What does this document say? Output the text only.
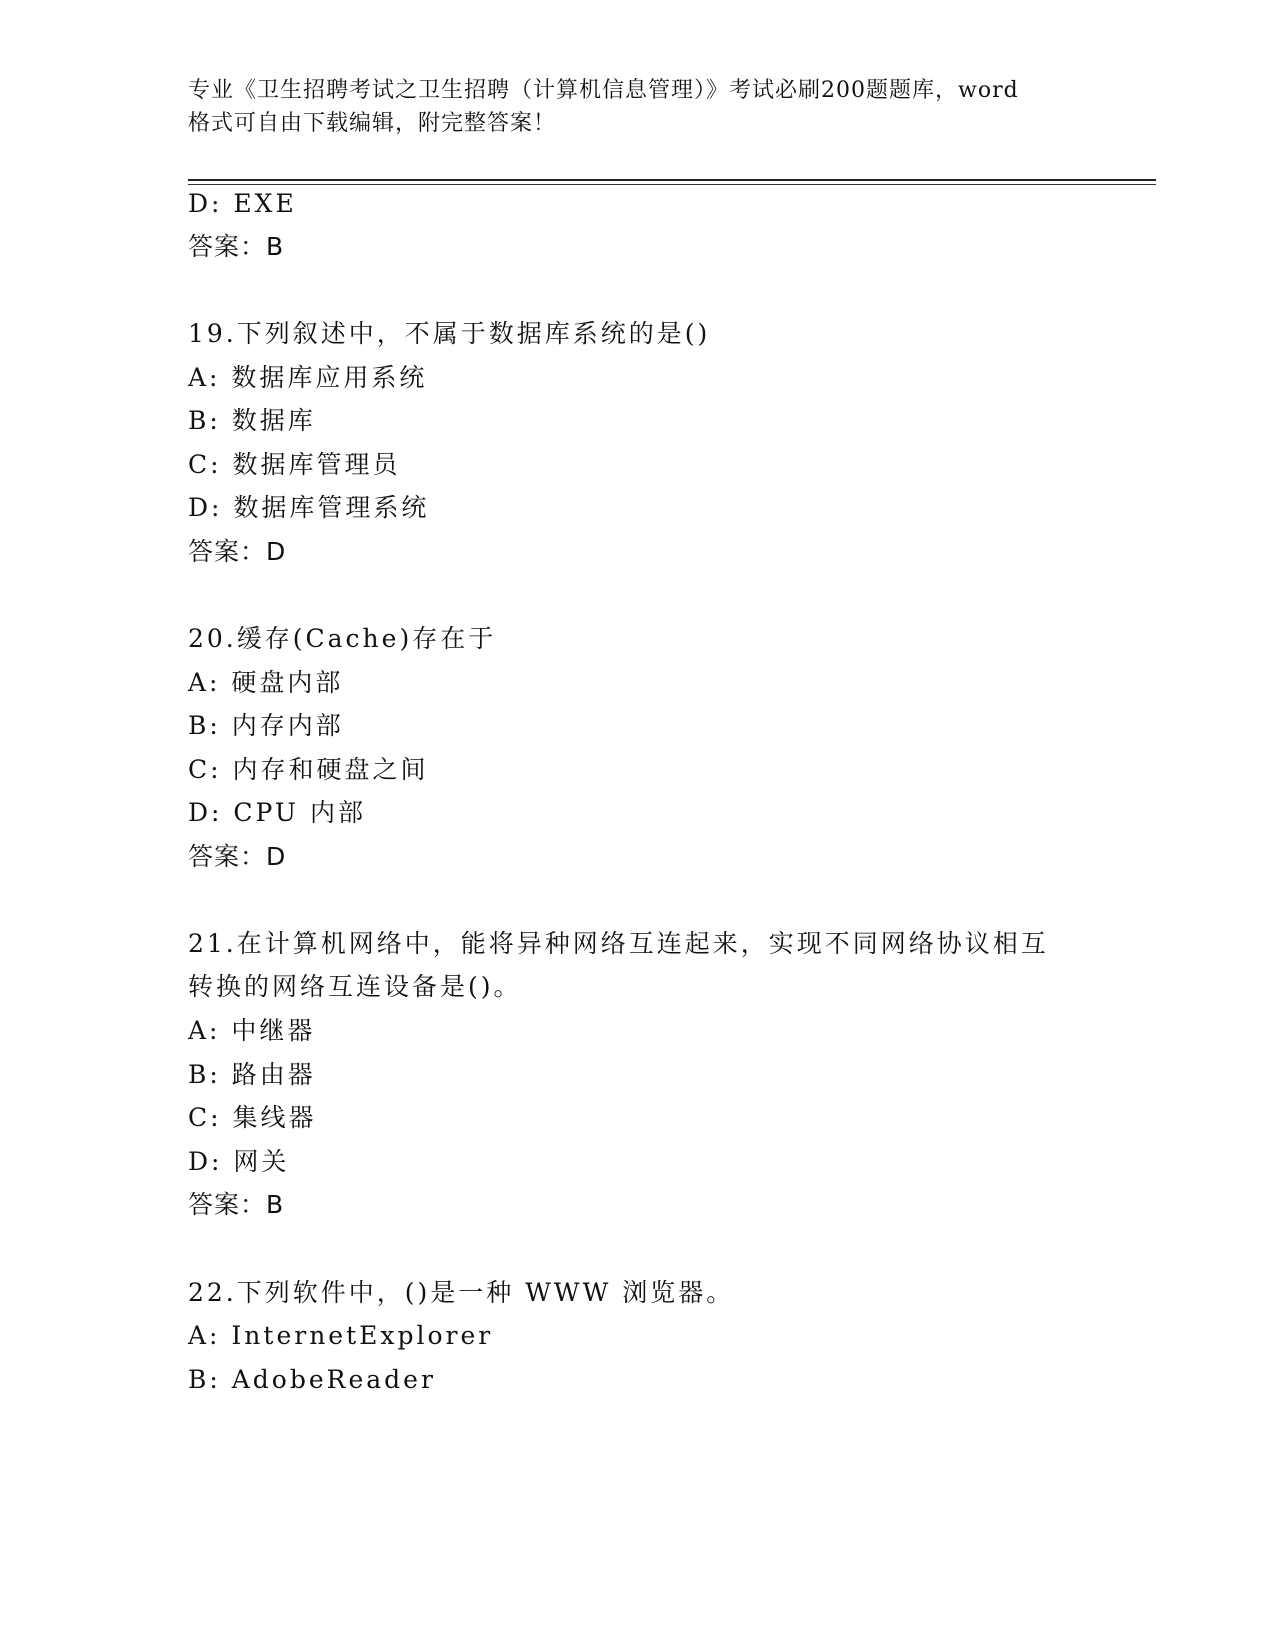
专业《卫生招聘考试之卫生招聘（计算机信息管理）》考试必刷200题题库，word
格式可自由下载编辑，附完整答案！
D: EXE
答案：B
19.下列叙述中，不属于数据库系统的是()
A: 数据库应用系统
B: 数据库
C: 数据库管理员
D: 数据库管理系统
答案：D
20.缓存(Cache)存在于
A: 硬盘内部
B: 内存内部
C: 内存和硬盘之间
D: CPU 内部
答案：D
21.在计算机网络中，能将异种网络互连起来，实现不同网络协议相互
转换的网络互连设备是()。
A: 中继器
B: 路由器
C: 集线器
D: 网关
答案：B
22.下列软件中，()是一种 WWW 浏览器。
A: InternetExplorer
B: AdobeReader
